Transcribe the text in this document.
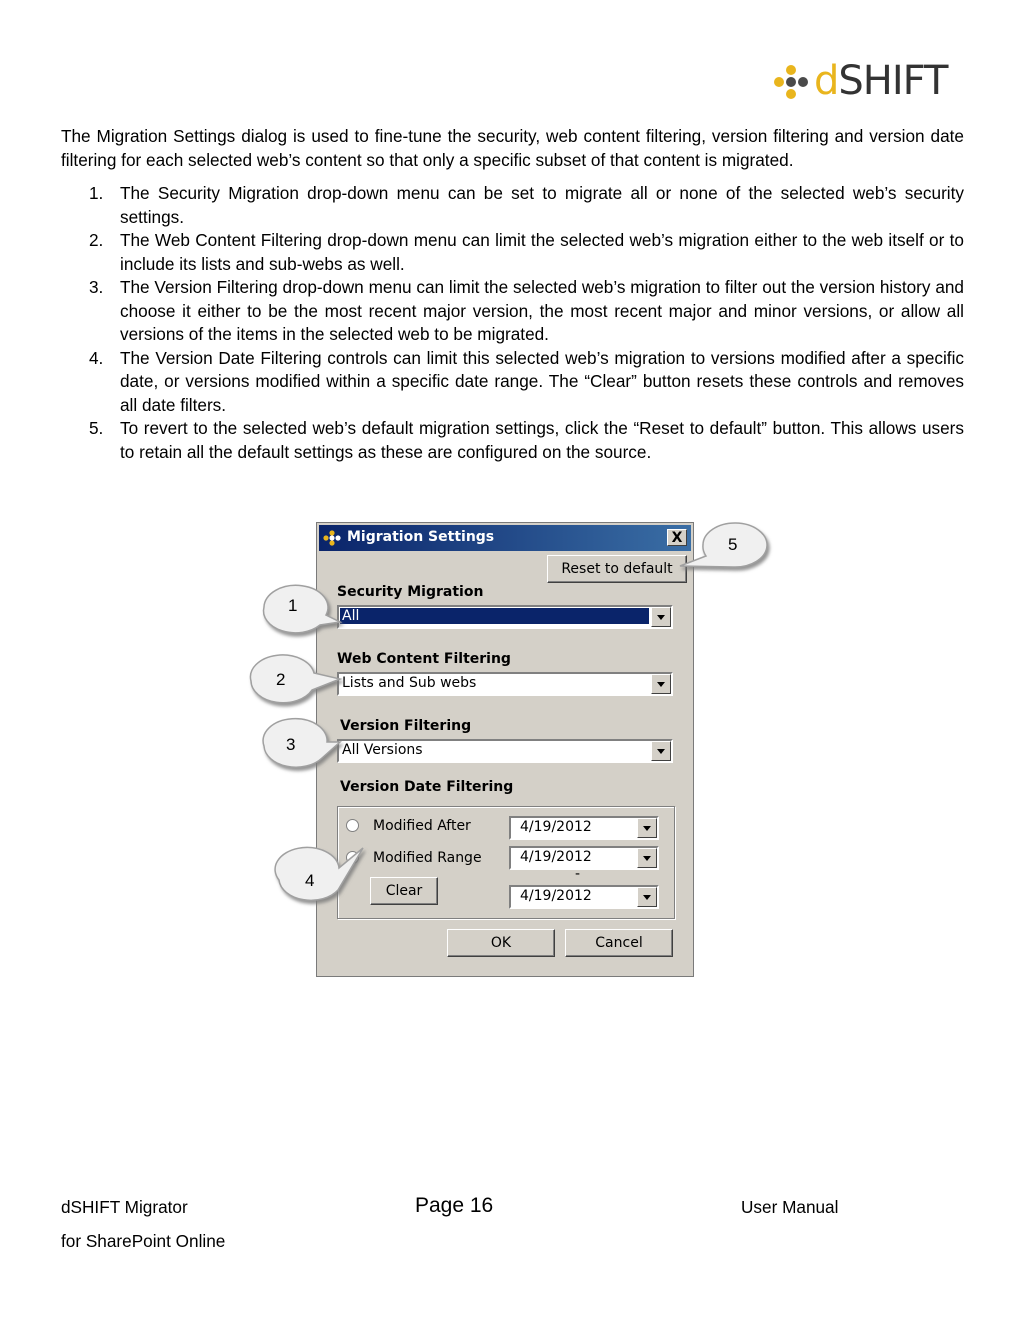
dSHIFT
The Migration Settings dialog is used to fine-tune the security, web content filtering, version filtering and version date filtering for each selected web’s content so that only a specific subset of that content is migrated.
1. The Security Migration drop-down menu can be set to migrate all or none of the selected web’s security settings.
2. The Web Content Filtering drop-down menu can limit the selected web’s migration either to the web itself or to include its lists and sub-webs as well.
3. The Version Filtering drop-down menu can limit the selected web’s migration to filter out the version history and choose it either to be the most recent major version, the most recent major and minor versions, or allow all versions of the items in the selected web to be migrated.
4. The Version Date Filtering controls can limit this selected web’s migration to versions modified after a specific date, or versions modified within a specific date range. The “Clear” button resets these controls and removes all date filters.
5. To revert to the selected web’s default migration settings, click the “Reset to default” button. This allows users to retain all the default settings as these are configured on the source.
Migration Settings	X
Reset to default
Security Migration
All
Web Content Filtering
Lists and Sub webs
Version Filtering
All Versions
Version Date Filtering
Modified After	4/19/2012
Modified Range	4/19/2012
-
Clear	4/19/2012
OK	Cancel
1
2
3
4
5
dSHIFT Migrator	Page 16	User Manual
for SharePoint Online
